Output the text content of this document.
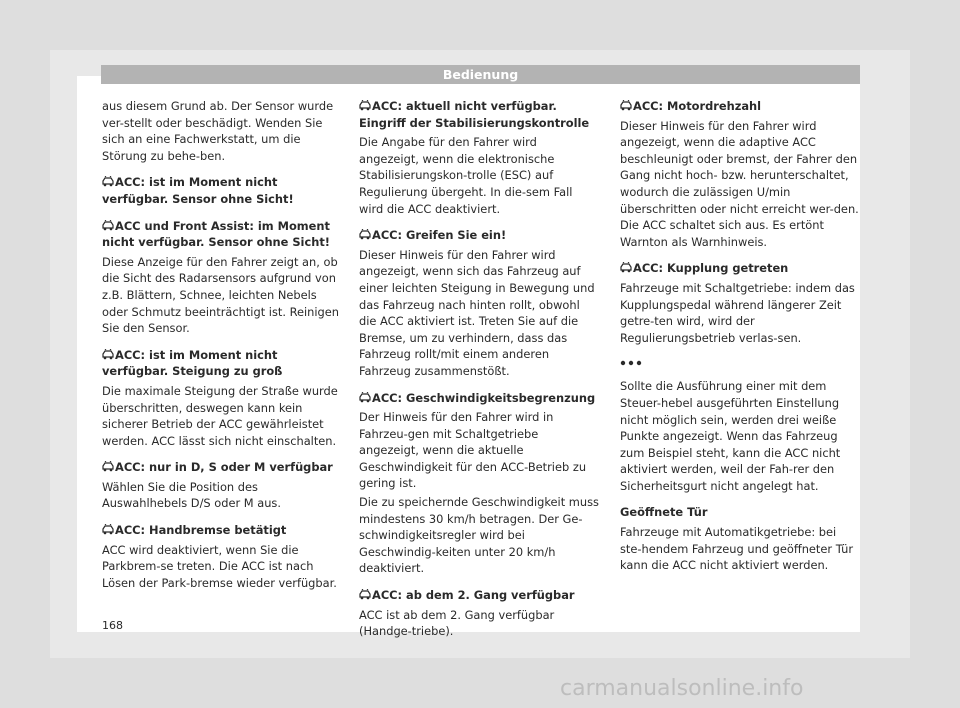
Bedienung

aus diesem Grund ab. Der Sensor wurde ver-stellt oder beschädigt. Wenden Sie sich an eine Fachwerkstatt, um die Störung zu behe-ben.

ACC: ist im Moment nicht verfügbar. Sensor ohne Sicht!

ACC und Front Assist: im Moment nicht verfügbar. Sensor ohne Sicht!

Diese Anzeige für den Fahrer zeigt an, ob die Sicht des Radarsensors aufgrund von z.B. Blättern, Schnee, leichten Nebels oder Schmutz beeinträchtigt ist. Reinigen Sie den Sensor.

ACC: ist im Moment nicht verfügbar. Steigung zu groß

Die maximale Steigung der Straße wurde überschritten, deswegen kann kein sicherer Betrieb der ACC gewährleistet werden. ACC lässt sich nicht einschalten.

ACC: nur in D, S oder M verfügbar

Wählen Sie die Position des Auswahlhebels D/S oder M aus.

ACC: Handbremse betätigt

ACC wird deaktiviert, wenn Sie die Parkbrem-se treten. Die ACC ist nach Lösen der Park-bremse wieder verfügbar.

ACC: aktuell nicht verfügbar. Eingriff der Stabilisierungskontrolle

Die Angabe für den Fahrer wird angezeigt, wenn die elektronische Stabilisierungskon-trolle (ESC) auf Regulierung übergeht. In die-sem Fall wird die ACC deaktiviert.

ACC: Greifen Sie ein!

Dieser Hinweis für den Fahrer wird angezeigt, wenn sich das Fahrzeug auf einer leichten Steigung in Bewegung und das Fahrzeug nach hinten rollt, obwohl die ACC aktiviert ist. Treten Sie auf die Bremse, um zu verhindern, dass das Fahrzeug rollt/mit einem anderen Fahrzeug zusammenstößt.

ACC: Geschwindigkeitsbegrenzung

Der Hinweis für den Fahrer wird in Fahrzeu-gen mit Schaltgetriebe angezeigt, wenn die aktuelle Geschwindigkeit für den ACC-Betrieb zu gering ist.

Die zu speichernde Geschwindigkeit muss mindestens 30 km/h betragen. Der Ge-schwindigkeitsregler wird bei Geschwindig-keiten unter 20 km/h deaktiviert.

ACC: ab dem 2. Gang verfügbar

ACC ist ab dem 2. Gang verfügbar (Handge-triebe).

ACC: Motordrehzahl

Dieser Hinweis für den Fahrer wird angezeigt, wenn die adaptive ACC beschleunigt oder bremst, der Fahrer den Gang nicht hoch- bzw. herunterschaltet, wodurch die zulässigen U/min überschritten oder nicht erreicht wer-den. Die ACC schaltet sich aus. Es ertönt Warnton als Warnhinweis.

ACC: Kupplung getreten

Fahrzeuge mit Schaltgetriebe: indem das Kupplungspedal während längerer Zeit getre-ten wird, wird der Regulierungsbetrieb verlas-sen.

Sollte die Ausführung einer mit dem Steuer-hebel ausgeführten Einstellung nicht möglich sein, werden drei weiße Punkte angezeigt. Wenn das Fahrzeug zum Beispiel steht, kann die ACC nicht aktiviert werden, weil der Fah-rer den Sicherheitsgurt nicht angelegt hat.

Geöffnete Tür

Fahrzeuge mit Automatikgetriebe: bei ste-hendem Fahrzeug und geöffneter Tür kann die ACC nicht aktiviert werden.

168
carmanualsonline.info
